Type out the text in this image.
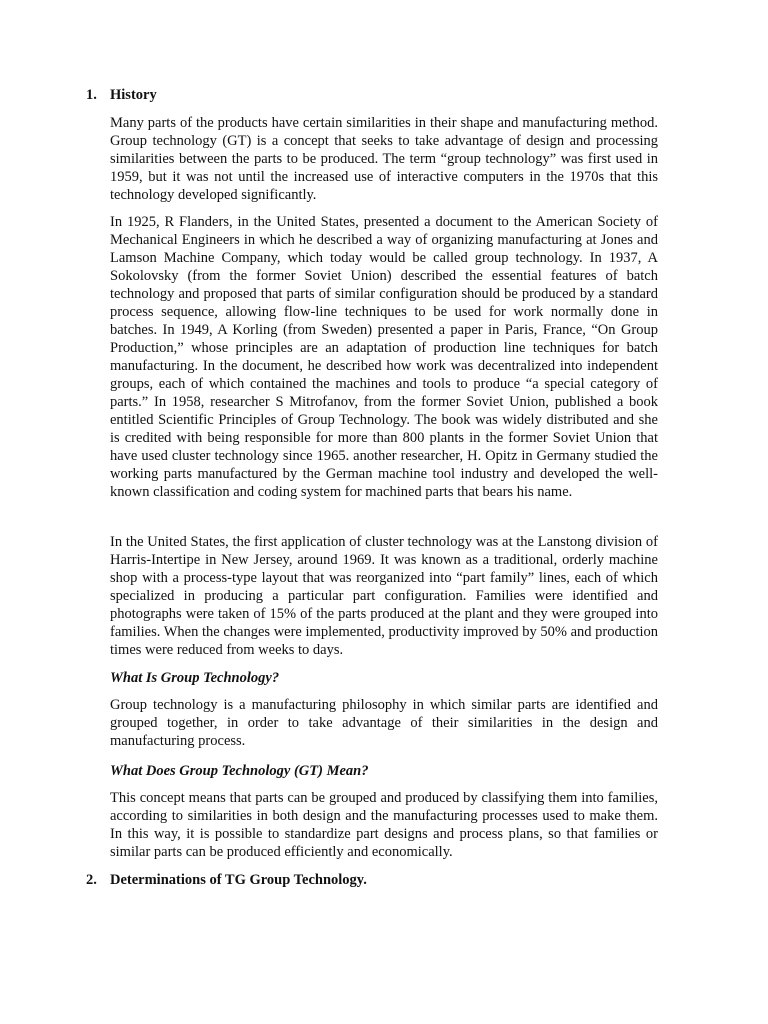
1. History

Many parts of the products have certain similarities in their shape and manufacturing method. Group technology (GT) is a concept that seeks to take advantage of design and processing similarities between the parts to be produced. The term “group technology” was first used in 1959, but it was not until the increased use of interactive computers in the 1970s that this technology developed significantly.

In 1925, R Flanders, in the United States, presented a document to the American Society of Mechanical Engineers in which he described a way of organizing manufacturing at Jones and Lamson Machine Company, which today would be called group technology. In 1937, A Sokolovsky (from the former Soviet Union) described the essential features of batch technology and proposed that parts of similar configuration should be produced by a standard process sequence, allowing flow-line techniques to be used for work normally done in batches. In 1949, A Korling (from Sweden) presented a paper in Paris, France, “On Group Production,” whose principles are an adaptation of production line techniques for batch manufacturing. In the document, he described how work was decentralized into independent groups, each of which contained the machines and tools to produce “a special category of parts.” In 1958, researcher S Mitrofanov, from the former Soviet Union, published a book entitled Scientific Principles of Group Technology. The book was widely distributed and she is credited with being responsible for more than 800 plants in the former Soviet Union that have used cluster technology since 1965. another researcher, H. Opitz in Germany studied the working parts manufactured by the German machine tool industry and developed the well-known classification and coding system for machined parts that bears his name.

In the United States, the first application of cluster technology was at the Lanstong division of Harris-Intertipe in New Jersey, around 1969. It was known as a traditional, orderly machine shop with a process-type layout that was reorganized into “part family” lines, each of which specialized in producing a particular part configuration. Families were identified and photographs were taken of 15% of the parts produced at the plant and they were grouped into families. When the changes were implemented, productivity improved by 50% and production times were reduced from weeks to days.

What Is Group Technology?

Group technology is a manufacturing philosophy in which similar parts are identified and grouped together, in order to take advantage of their similarities in the design and manufacturing process.

What Does Group Technology (GT) Mean?

This concept means that parts can be grouped and produced by classifying them into families, according to similarities in both design and the manufacturing processes used to make them. In this way, it is possible to standardize part designs and process plans, so that families or similar parts can be produced efficiently and economically.

2. Determinations of TG Group Technology.
